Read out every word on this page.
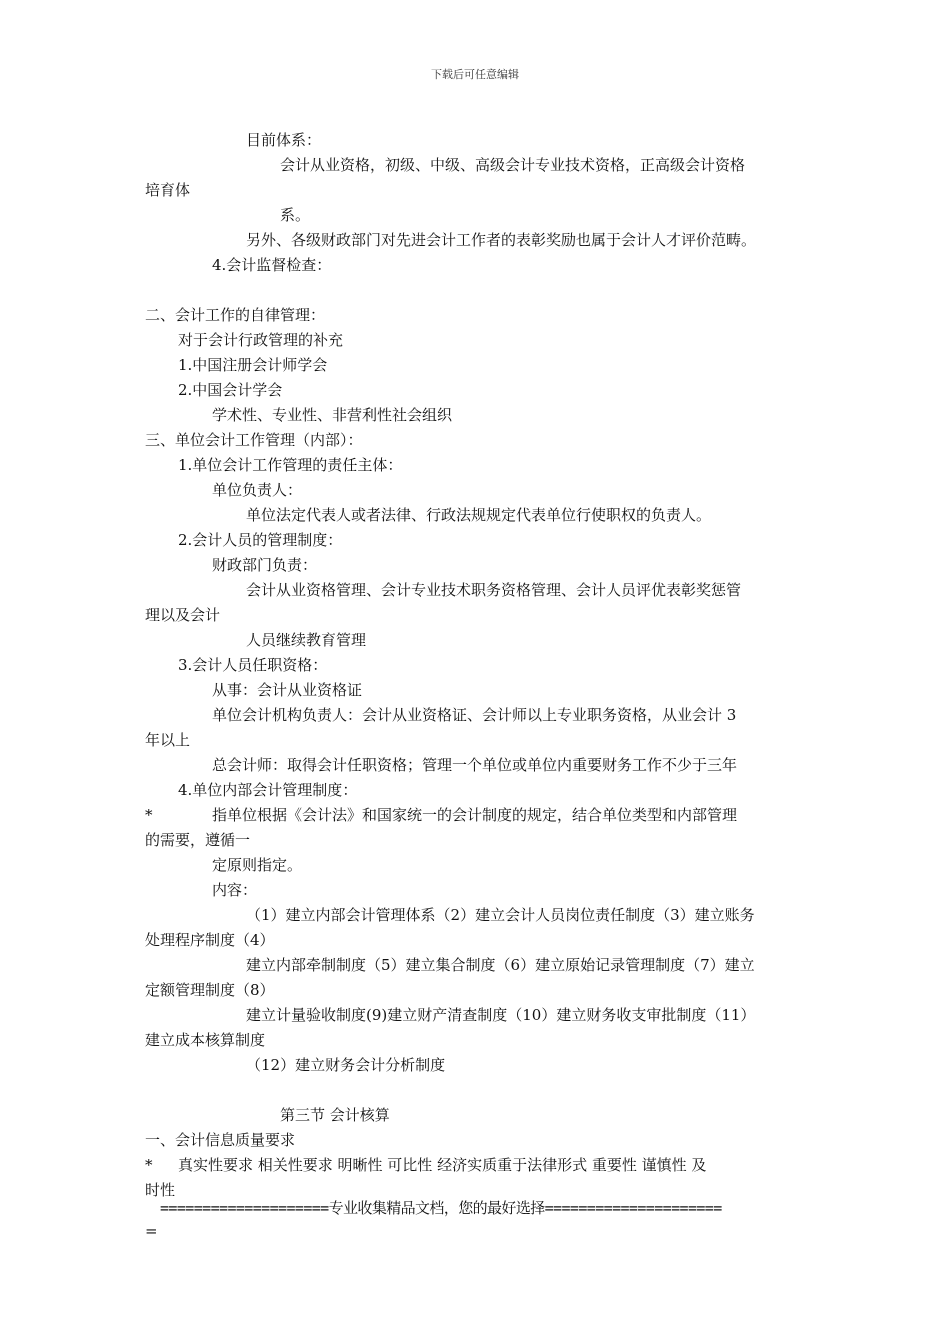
下载后可任意编辑
目前体系：
会计从业资格，初级、中级、高级会计专业技术资格，正高级会计资格
培育体
系。
另外、各级财政部门对先进会计工作者的表彰奖励也属于会计人才评价范畴。
4.会计监督检查：
二、会计工作的自律管理：
对于会计行政管理的补充
1.中国注册会计师学会
2.中国会计学会
学术性、专业性、非营利性社会组织
三、单位会计工作管理（内部）：
1.单位会计工作管理的责任主体：
单位负责人：
单位法定代表人或者法律、行政法规规定代表单位行使职权的负责人。
2.会计人员的管理制度：
财政部门负责：
会计从业资格管理、会计专业技术职务资格管理、会计人员评优表彰奖惩管
理以及会计
人员继续教育管理
3.会计人员任职资格：
从事：会计从业资格证
单位会计机构负责人：会计从业资格证、会计师以上专业职务资格，从业会计 3
年以上
总会计师：取得会计任职资格；管理一个单位或单位内重要财务工作不少于三年
4.单位内部会计管理制度：
*	指单位根据《会计法》和国家统一的会计制度的规定，结合单位类型和内部管理
的需要，遵循一
定原则指定。
内容：
（1）建立内部会计管理体系（2）建立会计人员岗位责任制度（3）建立账务
处理程序制度（4）
建立内部牵制制度（5）建立集合制度（6）建立原始记录管理制度（7）建立
定额管理制度（8）
建立计量验收制度(9)建立财产清查制度（10）建立财务收支审批制度（11）
建立成本核算制度
（12）建立财务会计分析制度
第三节 会计核算
一、会计信息质量要求
* 真实性要求 相关性要求 明晰性 可比性 经济实质重于法律形式 重要性 谨慎性 及
时性
====================专业收集精品文档，您的最好选择=====================
=
